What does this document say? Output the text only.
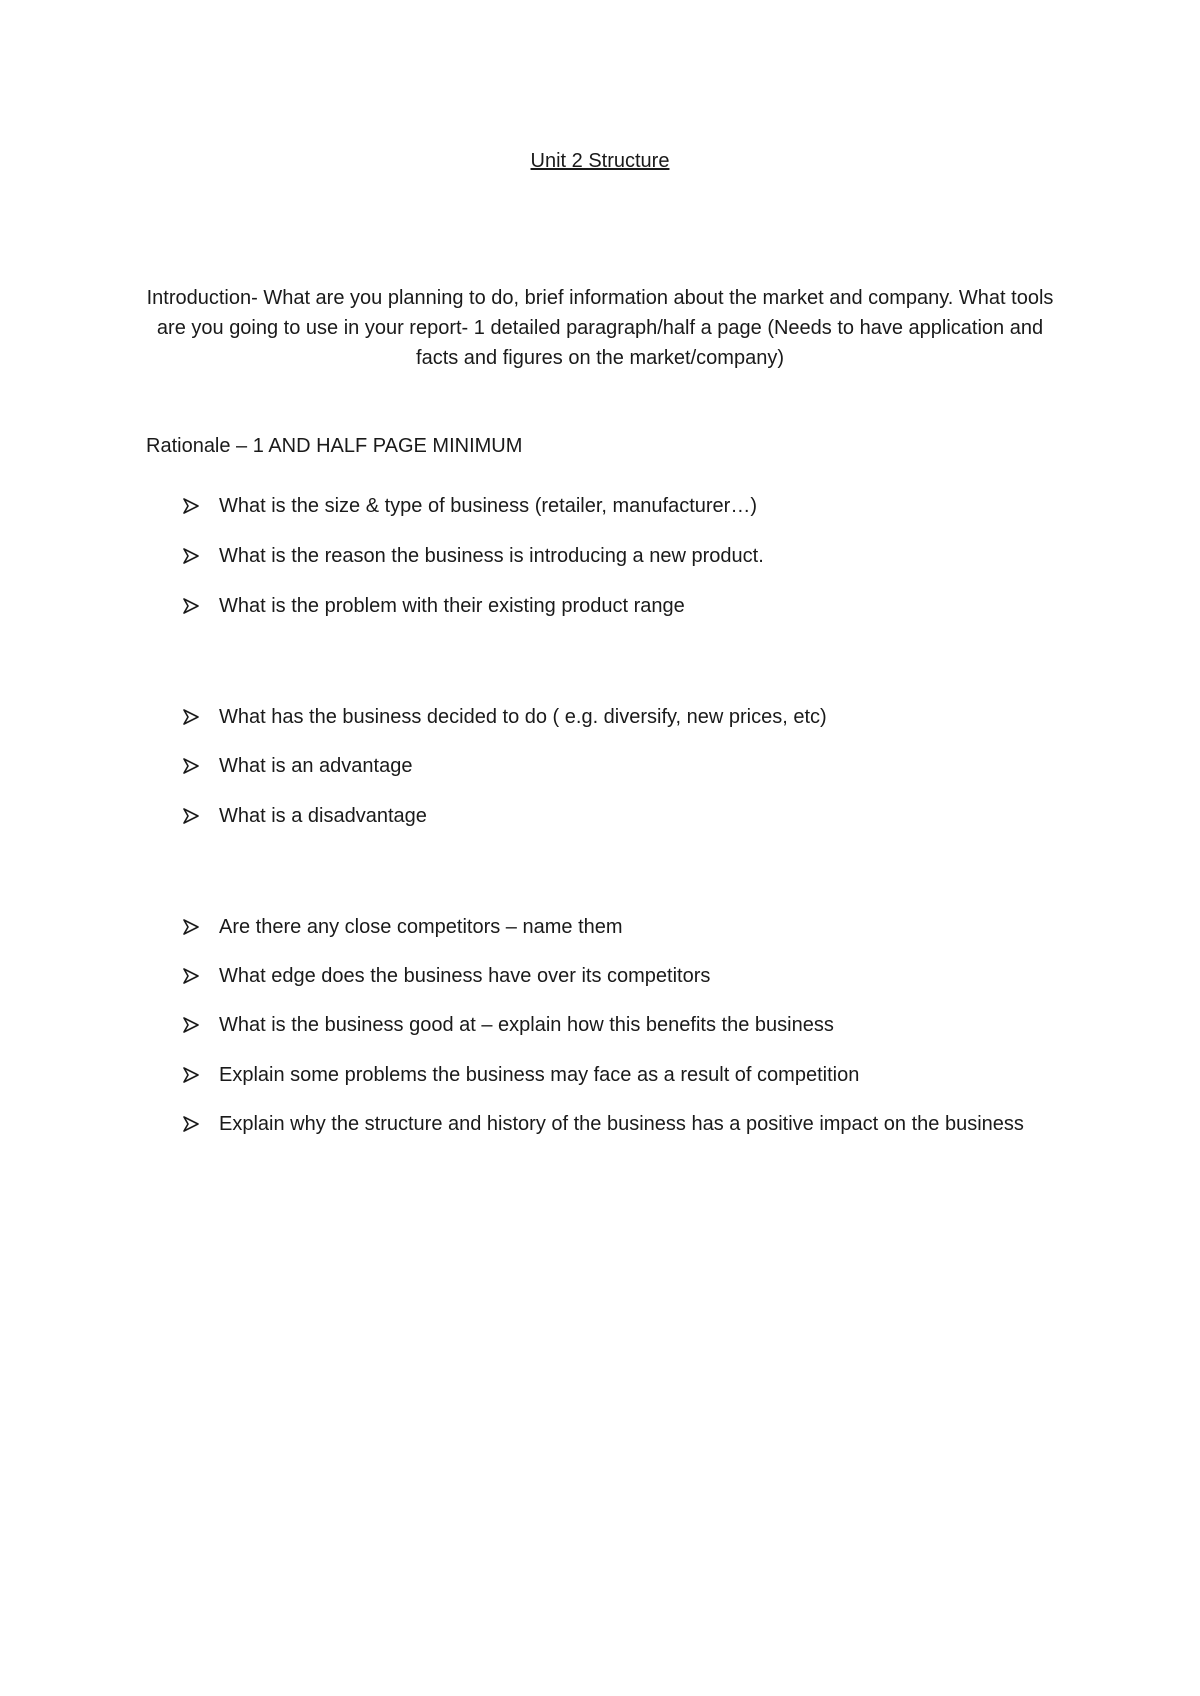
Unit 2 Structure

Introduction- What are you planning to do, brief information about the market and company. What tools are you going to use in your report- 1 detailed paragraph/half a page (Needs to have application and facts and figures on the market/company)

Rationale – 1 AND HALF PAGE MINIMUM

What is the size & type of business (retailer, manufacturer…)
What is the reason the business is introducing a new product.
What is the problem with their existing product range
What has the business decided to do ( e.g. diversify, new prices, etc)
What is an advantage
What is a disadvantage
Are there any close competitors – name them
What edge does the business have over its competitors
What is the business good at – explain how this benefits the business
Explain some problems the business may face as a result of competition
Explain why the structure and history of the business has a positive impact on the business
